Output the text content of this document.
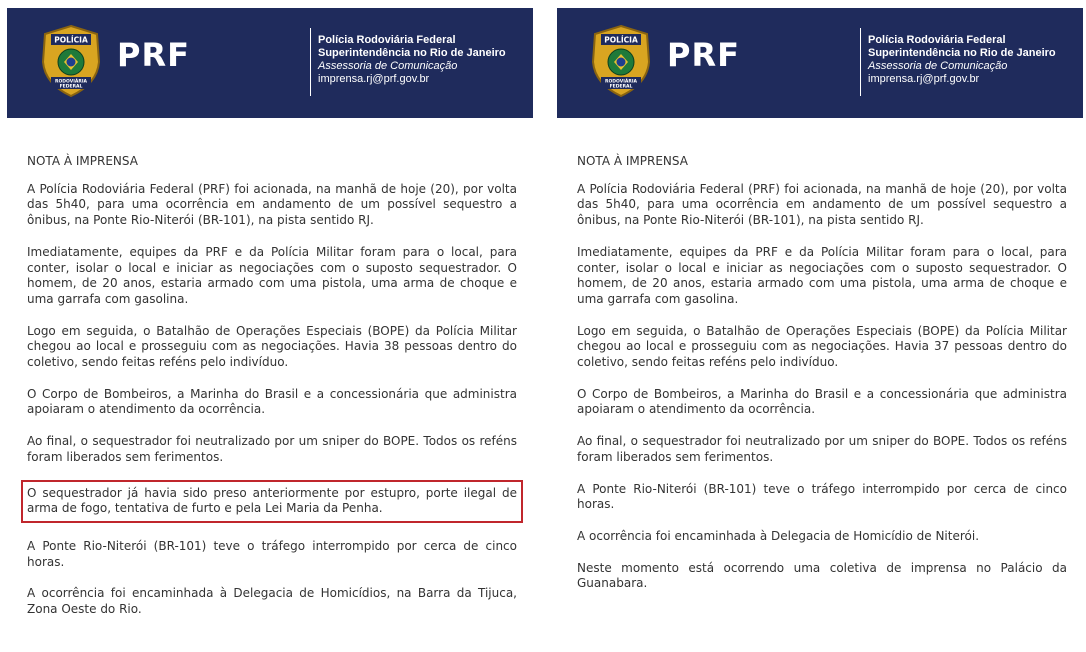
POLÍCIA
RODOVIÁRIA
FEDERAL
PRF	Polícia Rodoviária Federal
Superintendência no Rio de Janeiro
Assessoria de Comunicação
imprensa.rj@prf.gov.br
NOTA À IMPRENSA

A Polícia Rodoviária Federal (PRF) foi acionada, na manhã de hoje (20), por volta das 5h40, para uma ocorrência em andamento de um possível sequestro a ônibus, na Ponte Rio-Niterói (BR-101), na pista sentido RJ.

Imediatamente, equipes da PRF e da Polícia Militar foram para o local, para conter, isolar o local e iniciar as negociações com o suposto sequestrador. O homem, de 20 anos, estaria armado com uma pistola, uma arma de choque e uma garrafa com gasolina.

Logo em seguida, o Batalhão de Operações Especiais (BOPE) da Polícia Militar chegou ao local e prosseguiu com as negociações. Havia 38 pessoas dentro do coletivo, sendo feitas reféns pelo indivíduo.

O Corpo de Bombeiros, a Marinha do Brasil e a concessionária que administra apoiaram o atendimento da ocorrência.

Ao final, o sequestrador foi neutralizado por um sniper do BOPE. Todos os reféns foram liberados sem ferimentos.

O sequestrador já havia sido preso anteriormente por estupro, porte ilegal de arma de fogo, tentativa de furto e pela Lei Maria da Penha.

A Ponte Rio-Niterói (BR-101) teve o tráfego interrompido por cerca de cinco horas.

A ocorrência foi encaminhada à Delegacia de Homicídios, na Barra da Tijuca, Zona Oeste do Rio.

POLÍCIA
RODOVIÁRIA
FEDERAL
PRF	Polícia Rodoviária Federal
Superintendência no Rio de Janeiro
Assessoria de Comunicação
imprensa.rj@prf.gov.br
NOTA À IMPRENSA

A Polícia Rodoviária Federal (PRF) foi acionada, na manhã de hoje (20), por volta das 5h40, para uma ocorrência em andamento de um possível sequestro a ônibus, na Ponte Rio-Niterói (BR-101), na pista sentido RJ.

Imediatamente, equipes da PRF e da Polícia Militar foram para o local, para conter, isolar o local e iniciar as negociações com o suposto sequestrador. O homem, de 20 anos, estaria armado com uma pistola, uma arma de choque e uma garrafa com gasolina.

Logo em seguida, o Batalhão de Operações Especiais (BOPE) da Polícia Militar chegou ao local e prosseguiu com as negociações. Havia 37 pessoas dentro do coletivo, sendo feitas reféns pelo indivíduo.

O Corpo de Bombeiros, a Marinha do Brasil e a concessionária que administra apoiaram o atendimento da ocorrência.

Ao final, o sequestrador foi neutralizado por um sniper do BOPE. Todos os reféns foram liberados sem ferimentos.

A Ponte Rio-Niterói (BR-101) teve o tráfego interrompido por cerca de cinco horas.

A ocorrência foi encaminhada à Delegacia de Homicídio de Niterói.

Neste momento está ocorrendo uma coletiva de imprensa no Palácio da Guanabara.
